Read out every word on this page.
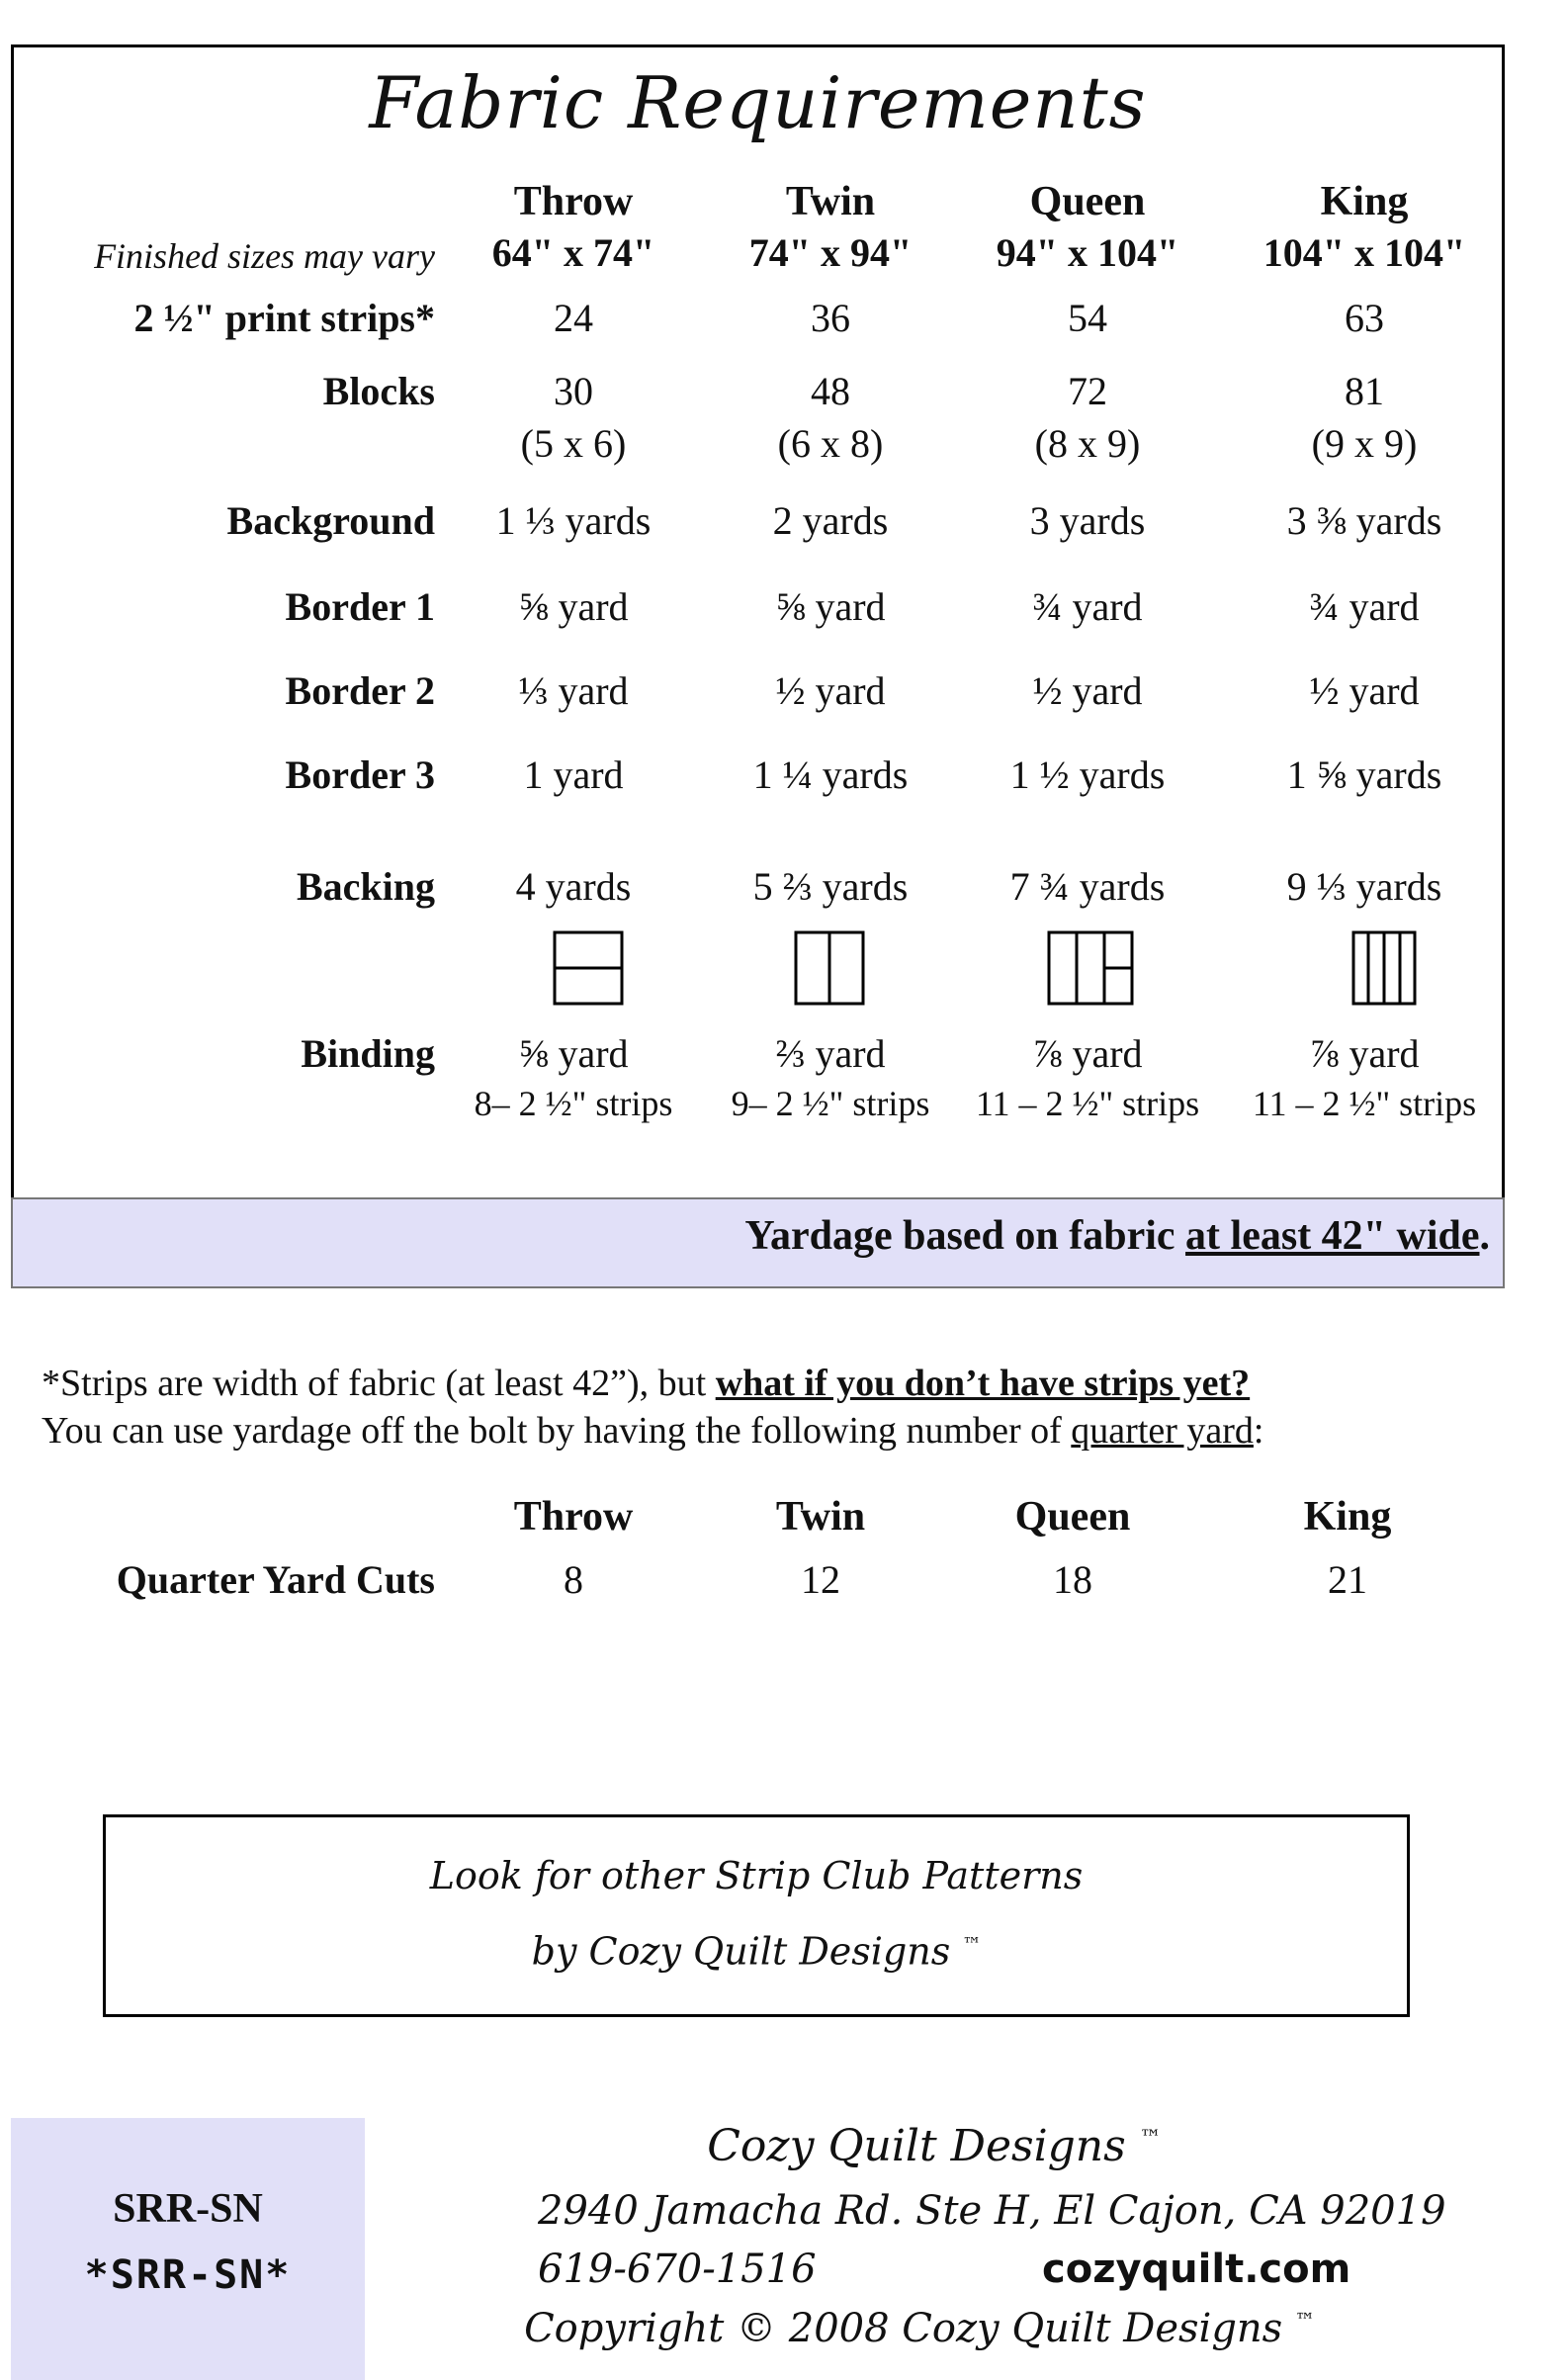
Fabric Requirements
Throw	Twin	Queen	King
Finished sizes may vary	64" x 74"	74" x 94"	94" x 104"	104" x 104"
2 ½" print strips*	24	36	54	63
Blocks	30	48	72	81
(5 x 6)	(6 x 8)	(8 x 9)	(9 x 9)
Background	1 ⅓ yards	2 yards	3 yards	3 ⅜ yards
Border 1	⅝ yard	⅝ yard	¾ yard	¾ yard
Border 2	⅓ yard	½ yard	½ yard	½ yard
Border 3	1 yard	1 ¼ yards	1 ½ yards	1 ⅝ yards
Backing	4 yards	5 ⅔ yards	7 ¾ yards	9 ⅓ yards
Binding	⅝ yard	⅔ yard	⅞ yard	⅞ yard
8– 2 ½" strips	9– 2 ½" strips	11 – 2 ½" strips	11 – 2 ½" strips
Yardage based on fabric at least 42" wide.
*Strips are width of fabric (at least 42”), but what if you don’t have strips yet?
You can use yardage off the bolt by having the following number of quarter yard:
Throw	Twin	Queen	King
Quarter Yard Cuts	8	12	18	21
Look for other Strip Club Patterns
by Cozy Quilt Designs ™
SRR-SN
*SRR-SN*
Cozy Quilt Designs ™
2940 Jamacha Rd. Ste H, El Cajon, CA 92019
619-670-1516	cozyquilt.com
Copyright © 2008 Cozy Quilt Designs ™
